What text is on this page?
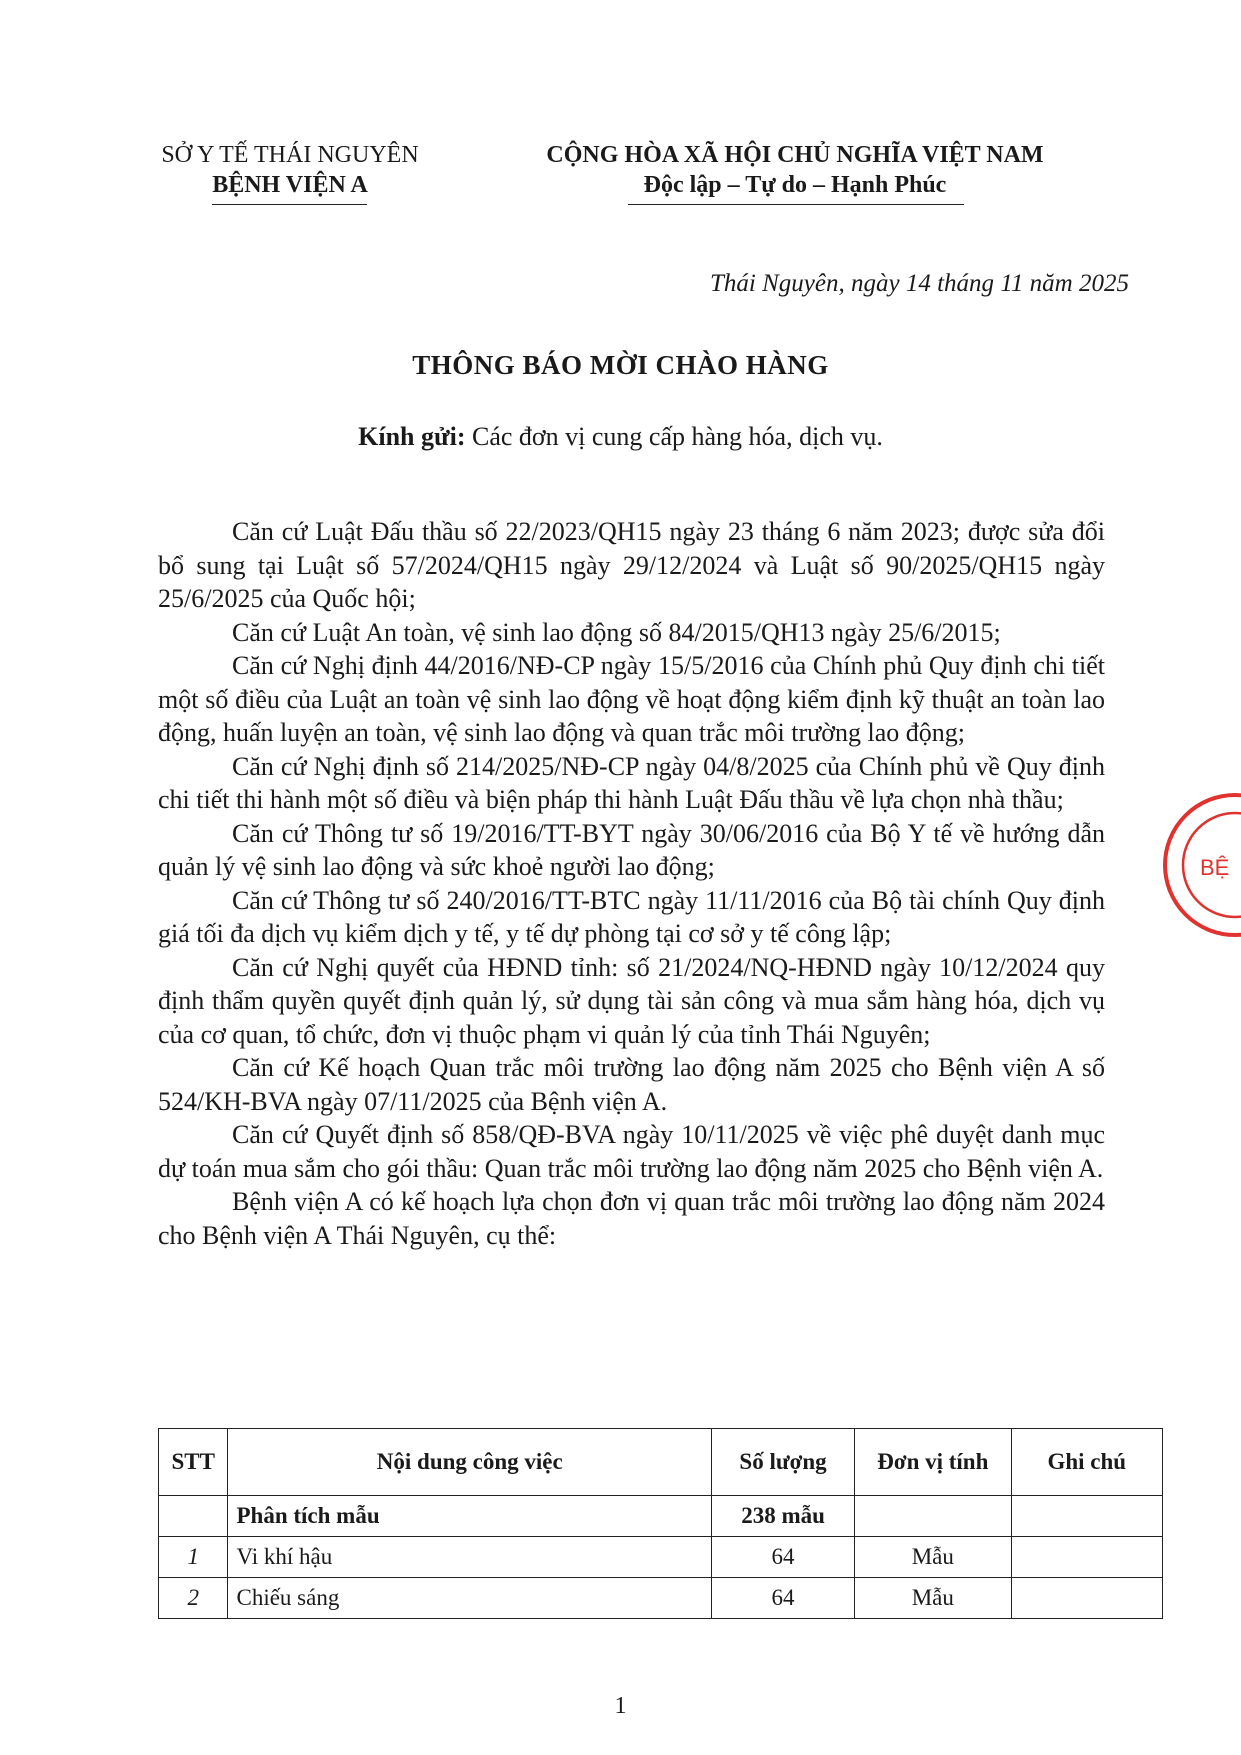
SỞ Y TẾ THÁI NGUYÊN
BỆNH VIỆN A
CỘNG HÒA XÃ HỘI CHỦ NGHĨA VIỆT NAM
Độc lập – Tự do – Hạnh Phúc
Thái Nguyên, ngày 14 tháng 11 năm 2025
THÔNG BÁO MỜI CHÀO HÀNG
Kính gửi: Các đơn vị cung cấp hàng hóa, dịch vụ.

Căn cứ Luật Đấu thầu số 22/2023/QH15 ngày 23 tháng 6 năm 2023; được sửa đổi bổ sung tại Luật số 57/2024/QH15 ngày 29/12/2024 và Luật số 90/2025/QH15 ngày 25/6/2025 của Quốc hội;

Căn cứ Luật An toàn, vệ sinh lao động số 84/2015/QH13 ngày 25/6/2015;

Căn cứ Nghị định 44/2016/NĐ-CP ngày 15/5/2016 của Chính phủ Quy định chi tiết một số điều của Luật an toàn vệ sinh lao động về hoạt động kiểm định kỹ thuật an toàn lao động, huấn luyện an toàn, vệ sinh lao động và quan trắc môi trường lao động;

Căn cứ Nghị định số 214/2025/NĐ-CP ngày 04/8/2025 của Chính phủ về Quy định chi tiết thi hành một số điều và biện pháp thi hành Luật Đấu thầu về lựa chọn nhà thầu;

Căn cứ Thông tư số 19/2016/TT-BYT ngày 30/06/2016 của Bộ Y tế về hướng dẫn quản lý vệ sinh lao động và sức khoẻ người lao động;

Căn cứ Thông tư số 240/2016/TT-BTC ngày 11/11/2016 của Bộ tài chính Quy định giá tối đa dịch vụ kiểm dịch y tế, y tế dự phòng tại cơ sở y tế công lập;

Căn cứ Nghị quyết của HĐND tỉnh: số 21/2024/NQ-HĐND ngày 10/12/2024 quy định thẩm quyền quyết định quản lý, sử dụng tài sản công và mua sắm hàng hóa, dịch vụ của cơ quan, tổ chức, đơn vị thuộc phạm vi quản lý của tỉnh Thái Nguyên;

Căn cứ Kế hoạch Quan trắc môi trường lao động năm 2025 cho Bệnh viện A số 524/KH-BVA ngày 07/11/2025 của Bệnh viện A.

Căn cứ Quyết định số 858/QĐ-BVA ngày 10/11/2025 về việc phê duyệt danh mục dự toán mua sắm cho gói thầu: Quan trắc môi trường lao động năm 2025 cho Bệnh viện A.

Bệnh viện A có kế hoạch lựa chọn đơn vị quan trắc môi trường lao động năm 2024 cho Bệnh viện A Thái Nguyên, cụ thể:

STT	Nội dung công việc	Số lượng	Đơn vị tính	Ghi chú
	Phân tích mẫu	238 mẫu		
1	Vi khí hậu	64	Mẫu	
2	Chiếu sáng	64	Mẫu	
BỆ
1
